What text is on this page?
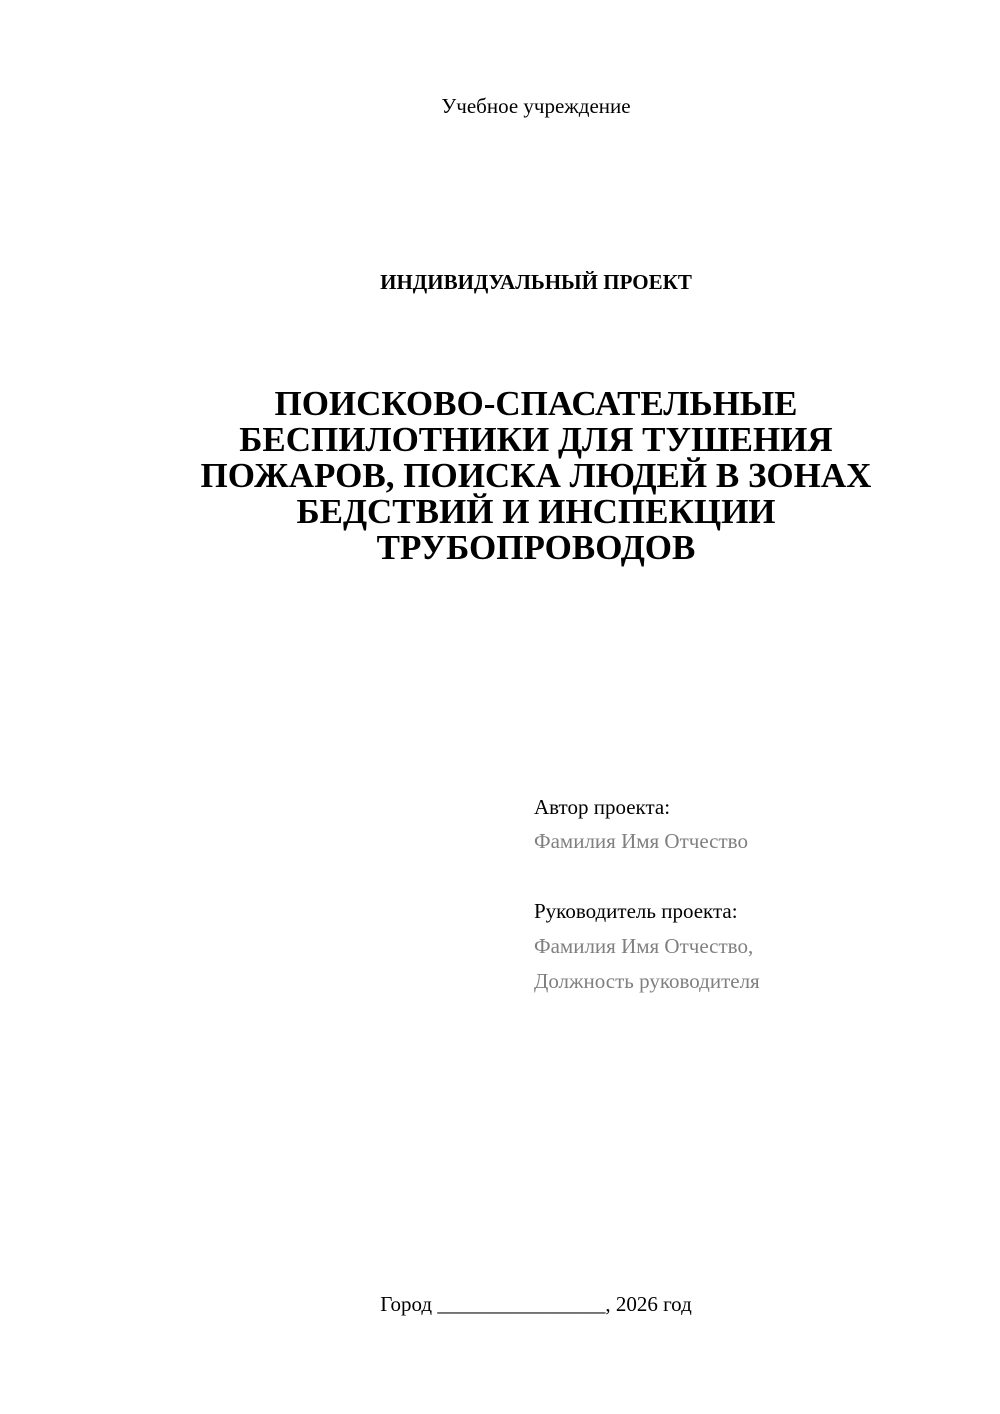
Учебное учреждение
ИНДИВИДУАЛЬНЫЙ ПРОЕКТ
ПОИСКОВО-СПАСАТЕЛЬНЫЕ
БЕСПИЛОТНИКИ ДЛЯ ТУШЕНИЯ
ПОЖАРОВ, ПОИСКА ЛЮДЕЙ В ЗОНАХ
БЕДСТВИЙ И ИНСПЕКЦИИ
ТРУБОПРОВОДОВ
Автор проекта:
Фамилия Имя Отчество
Руководитель проекта:
Фамилия Имя Отчество,
Должность руководителя
Город ________________, 2026 год
